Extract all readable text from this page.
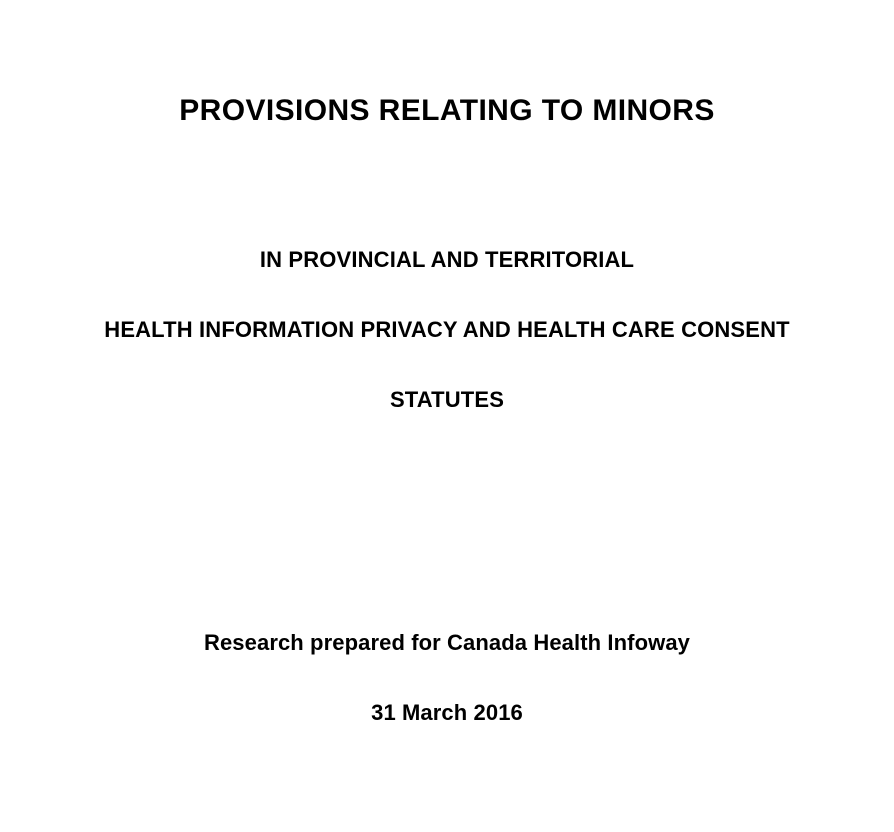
PROVISIONS RELATING TO MINORS
IN PROVINCIAL AND TERRITORIAL
HEALTH INFORMATION PRIVACY AND HEALTH CARE CONSENT
STATUTES
Research prepared for Canada Health Infoway
31 March 2016
